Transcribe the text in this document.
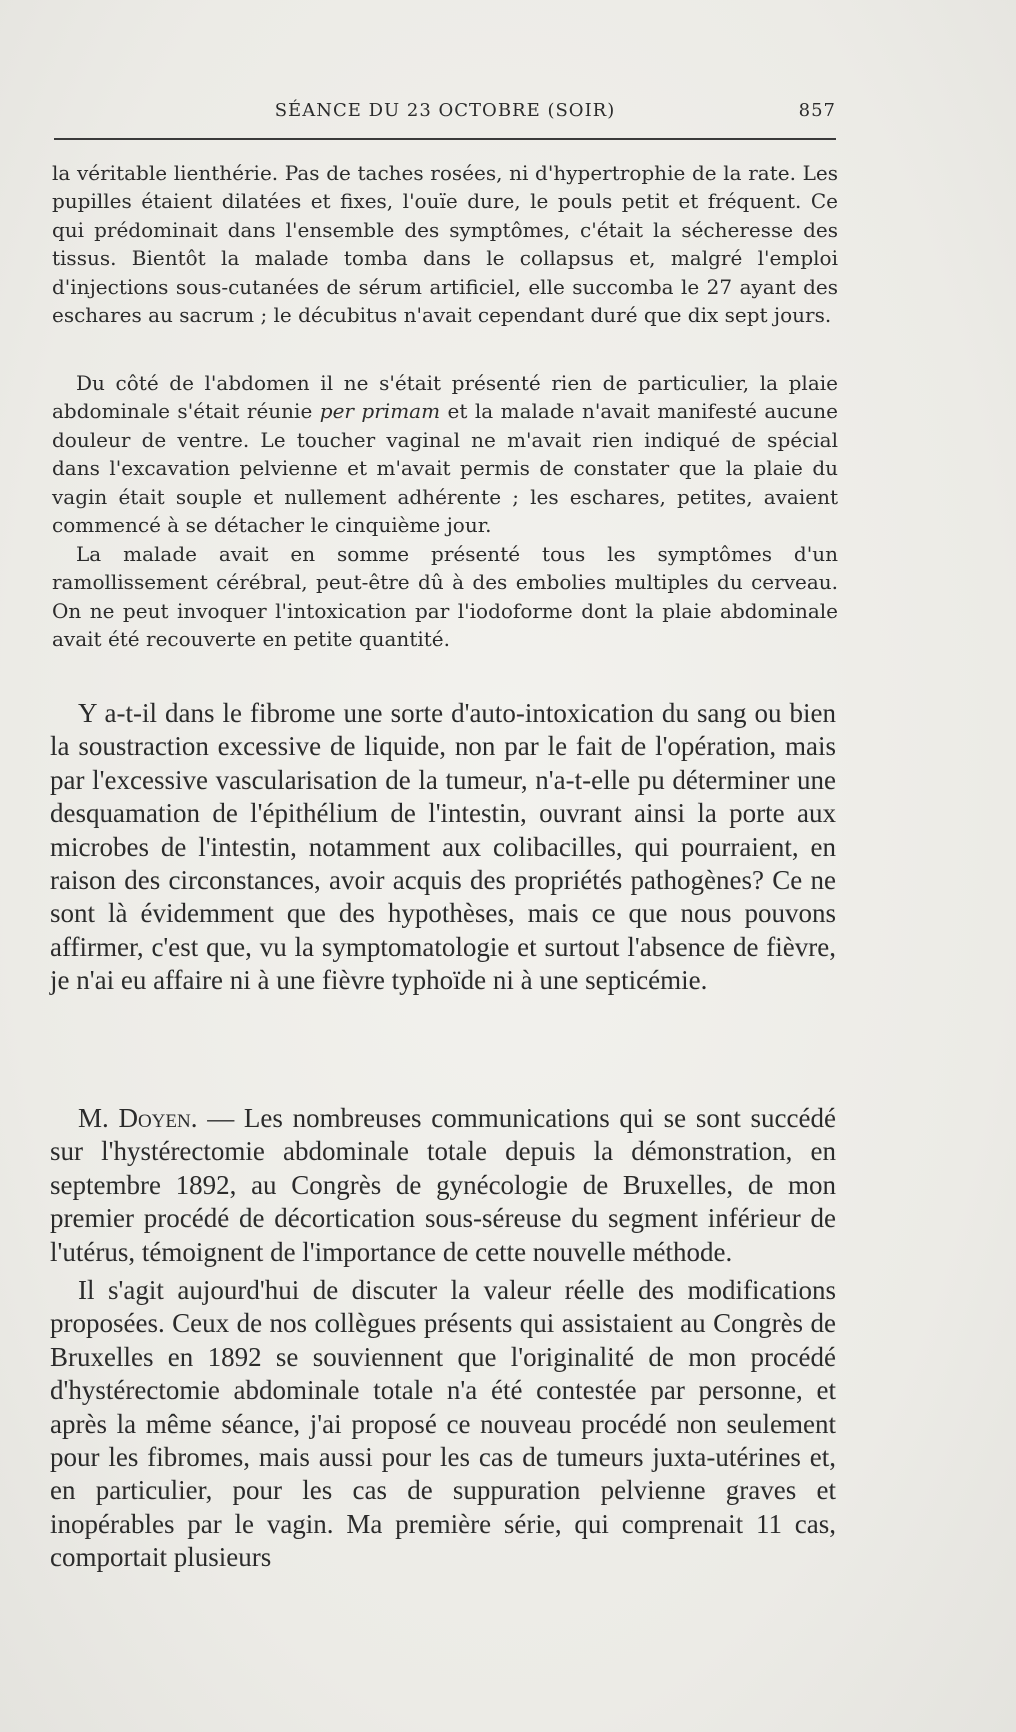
SÉANCE DU 23 OCTOBRE (SOIR)	857

la véritable lienthérie. Pas de taches rosées, ni d'hypertrophie de la rate. Les pupilles étaient dilatées et fixes, l'ouïe dure, le pouls petit et fréquent. Ce qui prédominait dans l'ensemble des symptômes, c'était la sécheresse des tissus. Bientôt la malade tomba dans le collapsus et, malgré l'emploi d'injections sous-cutanées de sérum artificiel, elle succomba le 27 ayant des eschares au sacrum ; le décubitus n'avait cependant duré que dix sept jours.

Du côté de l'abdomen il ne s'était présenté rien de particulier, la plaie abdominale s'était réunie per primam et la malade n'avait manifesté aucune douleur de ventre. Le toucher vaginal ne m'avait rien indiqué de spécial dans l'excavation pelvienne et m'avait permis de constater que la plaie du vagin était souple et nullement adhérente ; les eschares, petites, avaient commencé à se détacher le cinquième jour.

La malade avait en somme présenté tous les symptômes d'un ramollissement cérébral, peut-être dû à des embolies multiples du cerveau. On ne peut invoquer l'intoxication par l'iodoforme dont la plaie abdominale avait été recouverte en petite quantité.

Y a-t-il dans le fibrome une sorte d'auto-intoxication du sang ou bien la soustraction excessive de liquide, non par le fait de l'opération, mais par l'excessive vascularisation de la tumeur, n'a-t-elle pu déterminer une desquamation de l'épithélium de l'intestin, ouvrant ainsi la porte aux microbes de l'intestin, notamment aux colibacilles, qui pourraient, en raison des circonstances, avoir acquis des propriétés pathogènes? Ce ne sont là évidemment que des hypothèses, mais ce que nous pouvons affirmer, c'est que, vu la symptomatologie et surtout l'absence de fièvre, je n'ai eu affaire ni à une fièvre typhoïde ni à une septicémie.

M. Doyen. — Les nombreuses communications qui se sont succédé sur l'hystérectomie abdominale totale depuis la démonstration, en septembre 1892, au Congrès de gynécologie de Bruxelles, de mon premier procédé de décortication sous-séreuse du segment inférieur de l'utérus, témoignent de l'importance de cette nouvelle méthode.

Il s'agit aujourd'hui de discuter la valeur réelle des modifications proposées. Ceux de nos collègues présents qui assistaient au Congrès de Bruxelles en 1892 se souviennent que l'originalité de mon procédé d'hystérectomie abdominale totale n'a été contestée par personne, et après la même séance, j'ai proposé ce nouveau procédé non seulement pour les fibromes, mais aussi pour les cas de tumeurs juxta-utérines et, en particulier, pour les cas de suppuration pelvienne graves et inopérables par le vagin. Ma première série, qui comprenait 11 cas, comportait plusieurs
